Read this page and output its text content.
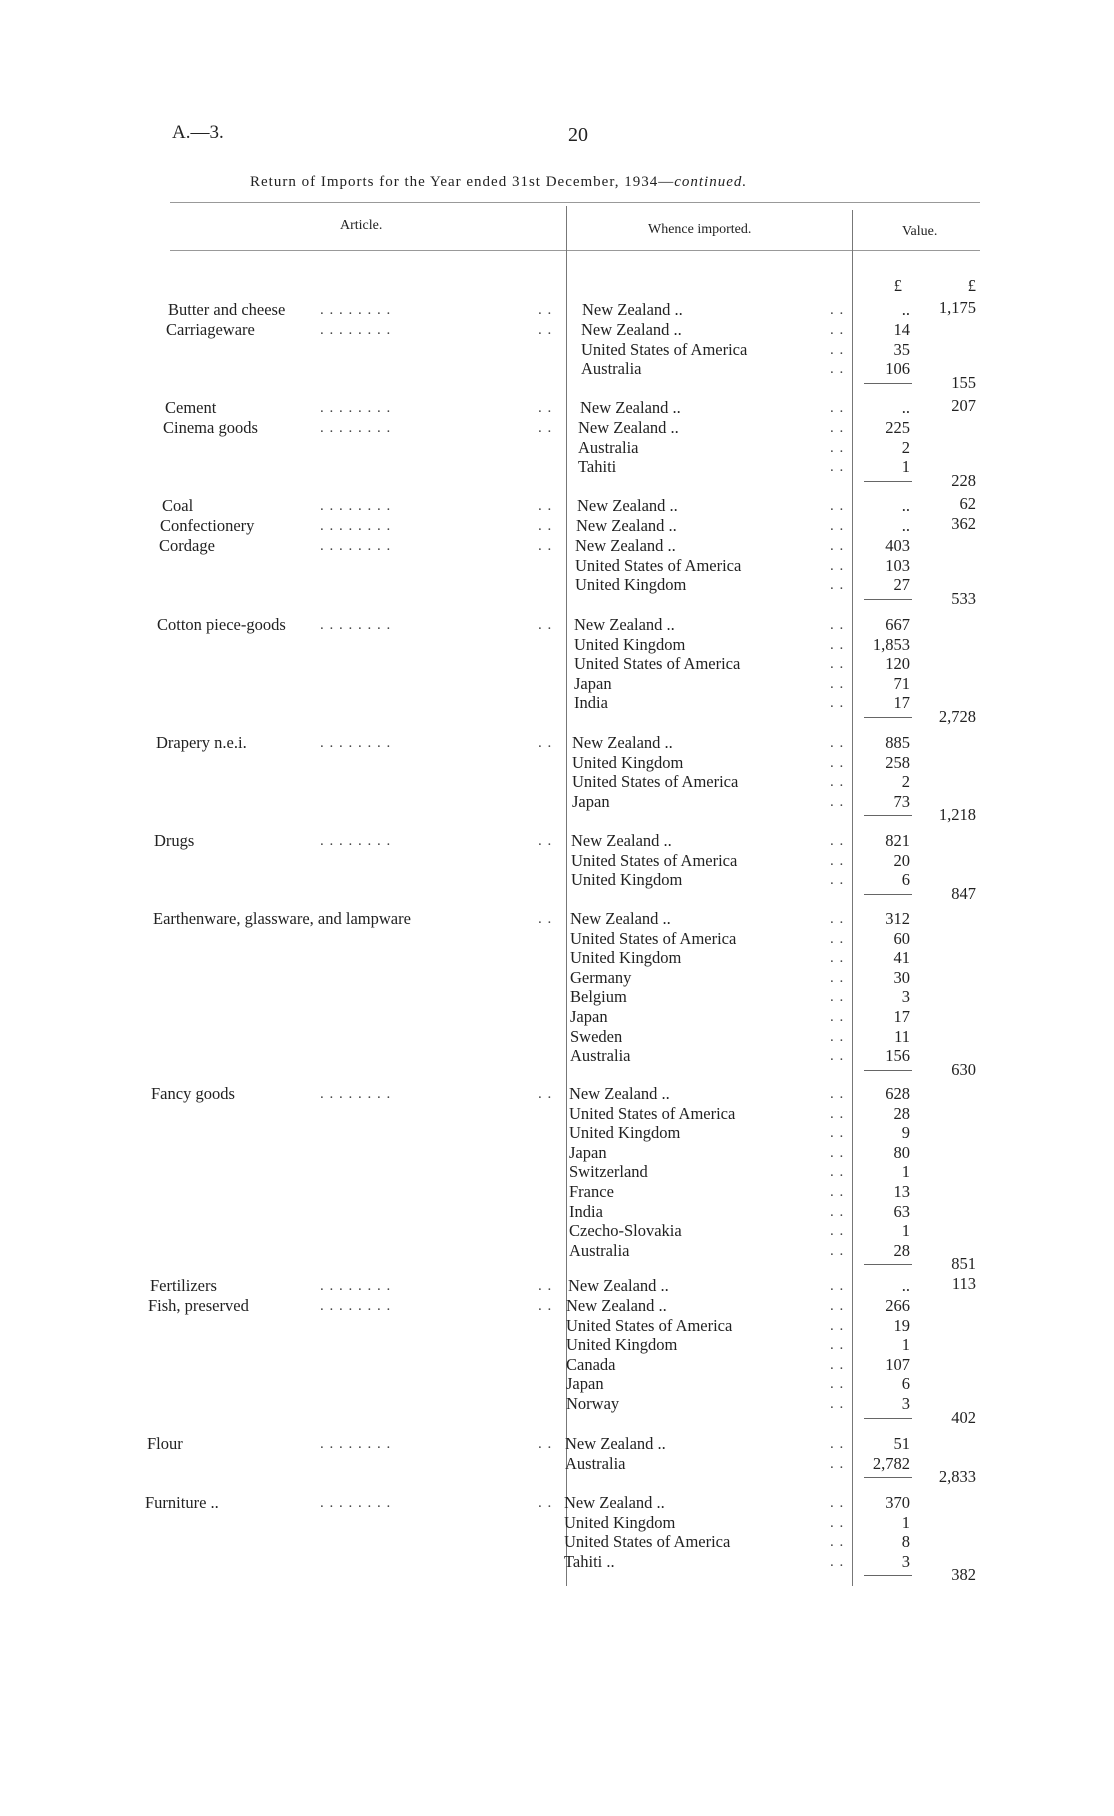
A.—3.	20
Return of Imports for the Year ended 31st December, 1934—continued.
Article.	Whence imported.	Value.
£	£
Butter and cheese . . . . . . . .	. . New Zealand ..	. .	..	1,175
Carriageware	. . . . . . . .	. . New Zealand ..	. .	14
United States of America	. .	35
Australia	. .	106
155
Cement	. . . . . . . .	. . New Zealand ..	. .	..	207
Cinema goods	. . . . . . . .	. . New Zealand ..	. .	225
Australia	. .	2
Tahiti	. .	1
228
Coal	. . . . . . . .	. . New Zealand ..	. .	..	62
Confectionery	. . . . . . . .	. . New Zealand ..	. .	..	362
Cordage	. . . . . . . .	. . New Zealand ..	. .	403
United States of America	. .	103
United Kingdom	. .	27
533
Cotton piece-goods . . . . . . . .	. . New Zealand ..	. .	667
United Kingdom	. .	1,853
United States of America	. .	120
Japan	. .	71
India	. .	17
2,728
Drapery n.e.i.	. . . . . . . .	. . New Zealand ..	. .	885
United Kingdom	. .	258
United States of America	. .	2
Japan	. .	73
1,218
Drugs	. . . . . . . .	. . New Zealand ..	. .	821
United States of America	. .	20
United Kingdom	. .	6
847
Earthenware, glassware, and lampware	. . New Zealand ..	. .	312
United States of America	. .	60
United Kingdom	. .	41
Germany	. .	30
Belgium	. .	3
Japan	. .	17
Sweden	. .	11
Australia	. .	156
630
Fancy goods	. . . . . . . .	. . New Zealand ..	. .	628
United States of America	. .	28
United Kingdom	. .	9
Japan	. .	80
Switzerland	. .	1
France	. .	13
India	. .	63
Czecho-Slovakia	. .	1
Australia	. .	28
851
Fertilizers	. . . . . . . .	. . New Zealand ..	. .	..	113
Fish, preserved	. . . . . . . .	. . New Zealand ..	. .	266
United States of America	. .	19
United Kingdom	. .	1
Canada	. .	107
Japan	. .	6
Norway	. .	3
402
Flour	. . . . . . . .	. . New Zealand ..	. .	51
Australia	. .	2,782
2,833
Furniture ..	. . . . . . . .	. . New Zealand ..	. .	370
United Kingdom	. .	1
United States of America	. .	8
Tahiti ..	. .	3
382
